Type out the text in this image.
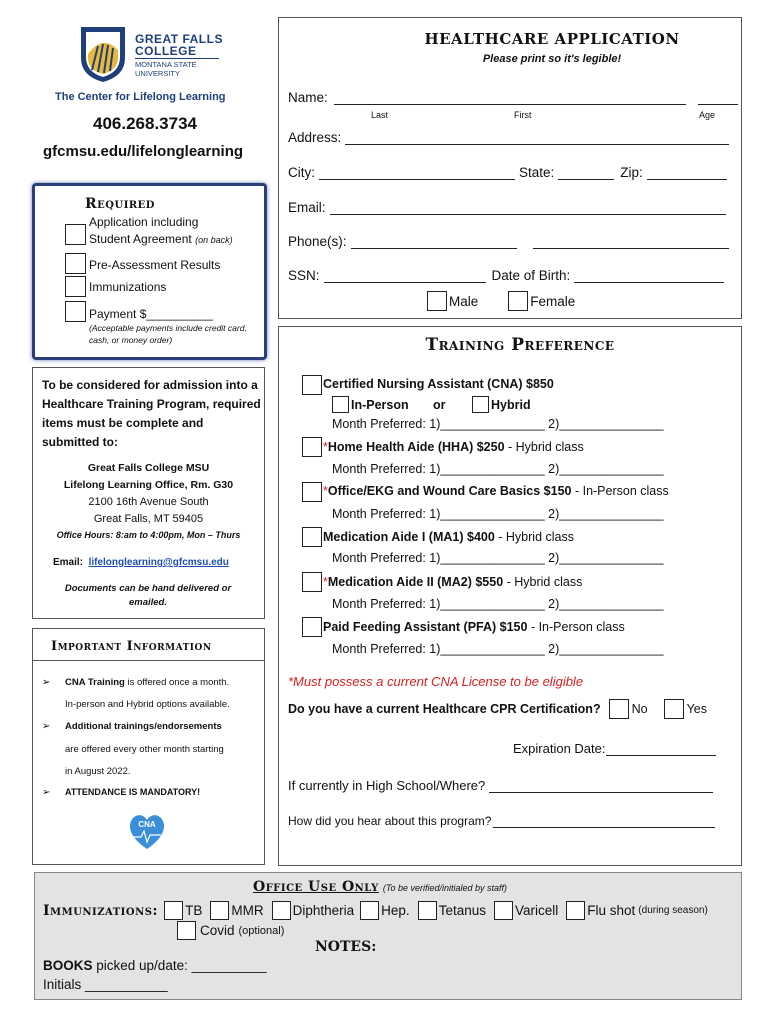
GREAT FALLS
COLLEGE
MONTANA STATE
UNIVERSITY
The Center for Lifelong Learning
406.268.3734
gfcmsu.edu/lifelonglearning
Required
Application including
Student Agreement (on back)
Pre-Assessment Results
Immunizations
Payment $__________
(Acceptable payments include credit card, cash, or money order)
To be considered for admission into a Healthcare Training Program, required items must be complete and submitted to:
Great Falls College MSU
Lifelong Learning Office, Rm. G30
2100 16th Avenue South
Great Falls, MT 59405
Office Hours: 8:am to 4:00pm, Mon – Thurs
Email: lifelonglearning@gfcmsu.edu
Documents can be hand delivered or emailed.
Important Information
➢ CNA Training is offered once a month.
In-person and Hybrid options available.
➢ Additional trainings/endorsements
are offered every other month starting
in August 2022.
➢ ATTENDANCE IS MANDATORY!
CNA
HEALTHCARE APPLICATION
Please print so it's legible!
Name:
Last	First	Age
Address:
City:	State:	Zip:
Email:
Phone(s):
SSN:	Date of Birth:
Male	Female
Training Preference
Certified Nursing Assistant (CNA) $850
In-Person or	Hybrid
Month Preferred: 1)_______________ 2)_______________
*Home Health Aide (HHA) $250 - Hybrid class
Month Preferred: 1)_______________ 2)_______________
*Office/EKG and Wound Care Basics $150 - In-Person class
Month Preferred: 1)_______________ 2)_______________
Medication Aide I (MA1) $400 - Hybrid class
Month Preferred: 1)_______________ 2)_______________
*Medication Aide II (MA2) $550 - Hybrid class
Month Preferred: 1)_______________ 2)_______________
Paid Feeding Assistant (PFA) $150 - In-Person class
Month Preferred: 1)_______________ 2)_______________
*Must possess a current CNA License to be eligible
Do you have a current Healthcare CPR Certification? No	Yes
Expiration Date:
If currently in High School/Where?
How did you hear about this program?
Office Use Only (To be verified/initialed by staff)
Immunizations: TB MMR Diphtheria Hep. Tetanus Varicell Flu shot (during season)
Covid (optional)
NOTES:
BOOKS picked up/date: __________
Initials ___________
